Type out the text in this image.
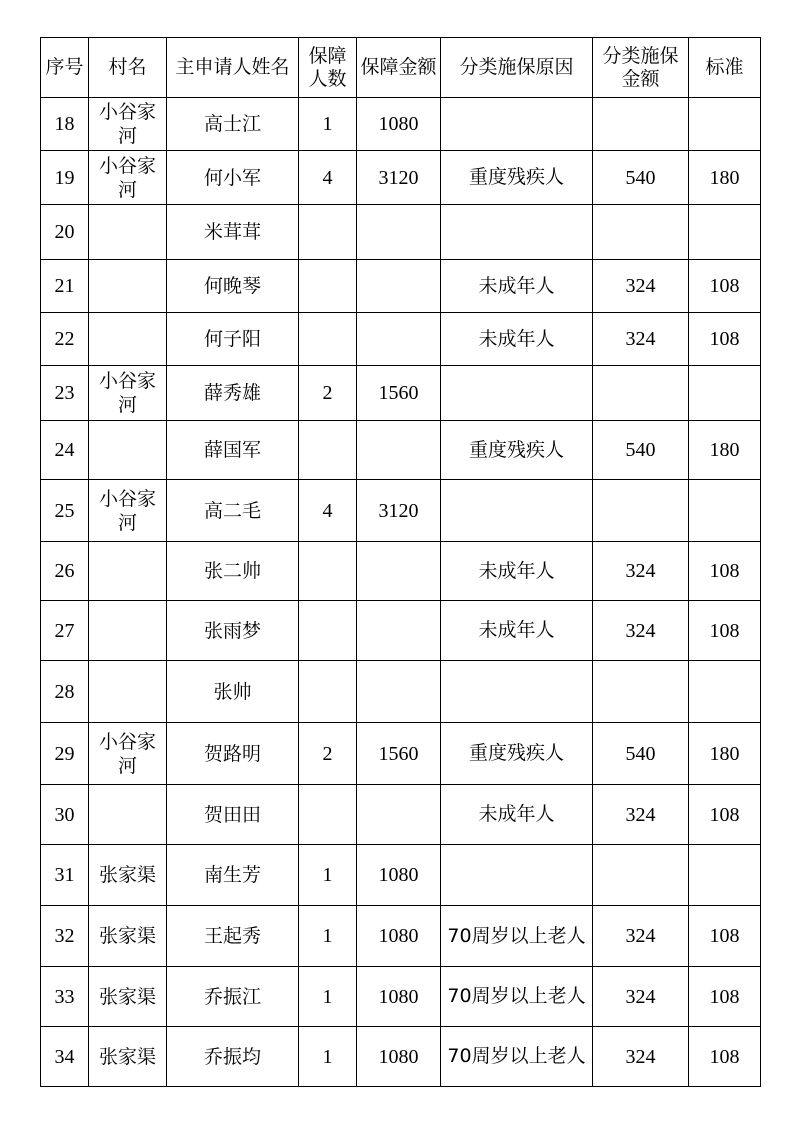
序号	村名	主申请人姓名	保障人数	保障金额	分类施保原因	分类施保金额	标准
18	小谷家河	高士江	1	1080			
19	小谷家河	何小军	4	3120	重度残疾人	540	180
20		米茸茸					
21		何晚琴			未成年人	324	108
22		何子阳			未成年人	324	108
23	小谷家河	薛秀雄	2	1560			
24		薛国军			重度残疾人	540	180
25	小谷家河	高二毛	4	3120			
26		张二帅			未成年人	324	108
27		张雨梦			未成年人	324	108
28		张帅					
29	小谷家河	贺路明	2	1560	重度残疾人	540	180
30		贺田田			未成年人	324	108
31	张家渠	南生芳	1	1080			
32	张家渠	王起秀	1	1080	70周岁以上老人	324	108
33	张家渠	乔振江	1	1080	70周岁以上老人	324	108
34	张家渠	乔振均	1	1080	70周岁以上老人	324	108
